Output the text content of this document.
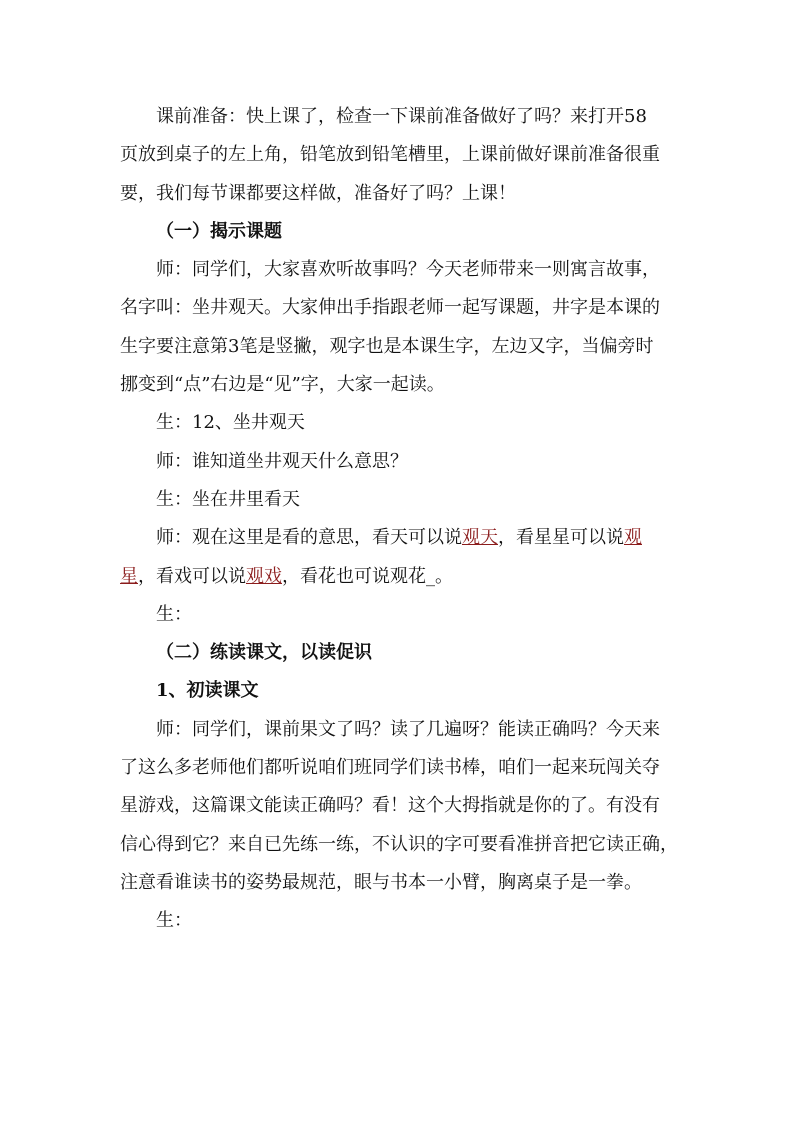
课前准备：快上课了，检查一下课前准备做好了吗？来打开58
页放到桌子的左上角，铅笔放到铅笔槽里，上课前做好课前准备很重
要，我们每节课都要这样做，准备好了吗？上课！
（一）揭示课题
师：同学们，大家喜欢听故事吗？今天老师带来一则寓言故事，
名字叫：坐井观天。大家伸出手指跟老师一起写课题，井字是本课的
生字要注意第3笔是竖撇，观字也是本课生字，左边又字，当偏旁时
挪变到“点”右边是“见”字，大家一起读。
生：12、坐井观天
师：谁知道坐井观天什么意思？
生：坐在井里看天
师：观在这里是看的意思，看天可以说观天，看星星可以说观
星，看戏可以说观戏，看花也可说观花_。
生：
（二）练读课文，以读促识
1、初读课文
师：同学们，课前果文了吗？读了几遍呀？能读正确吗？今天来
了这么多老师他们都听说咱们班同学们读书棒，咱们一起来玩闯关夺
星游戏，这篇课文能读正确吗？看！这个大拇指就是你的了。有没有
信心得到它？来自已先练一练，不认识的字可要看准拼音把它读正确，
注意看谁读书的姿势最规范，眼与书本一小臂，胸离桌子是一拳。
生：
